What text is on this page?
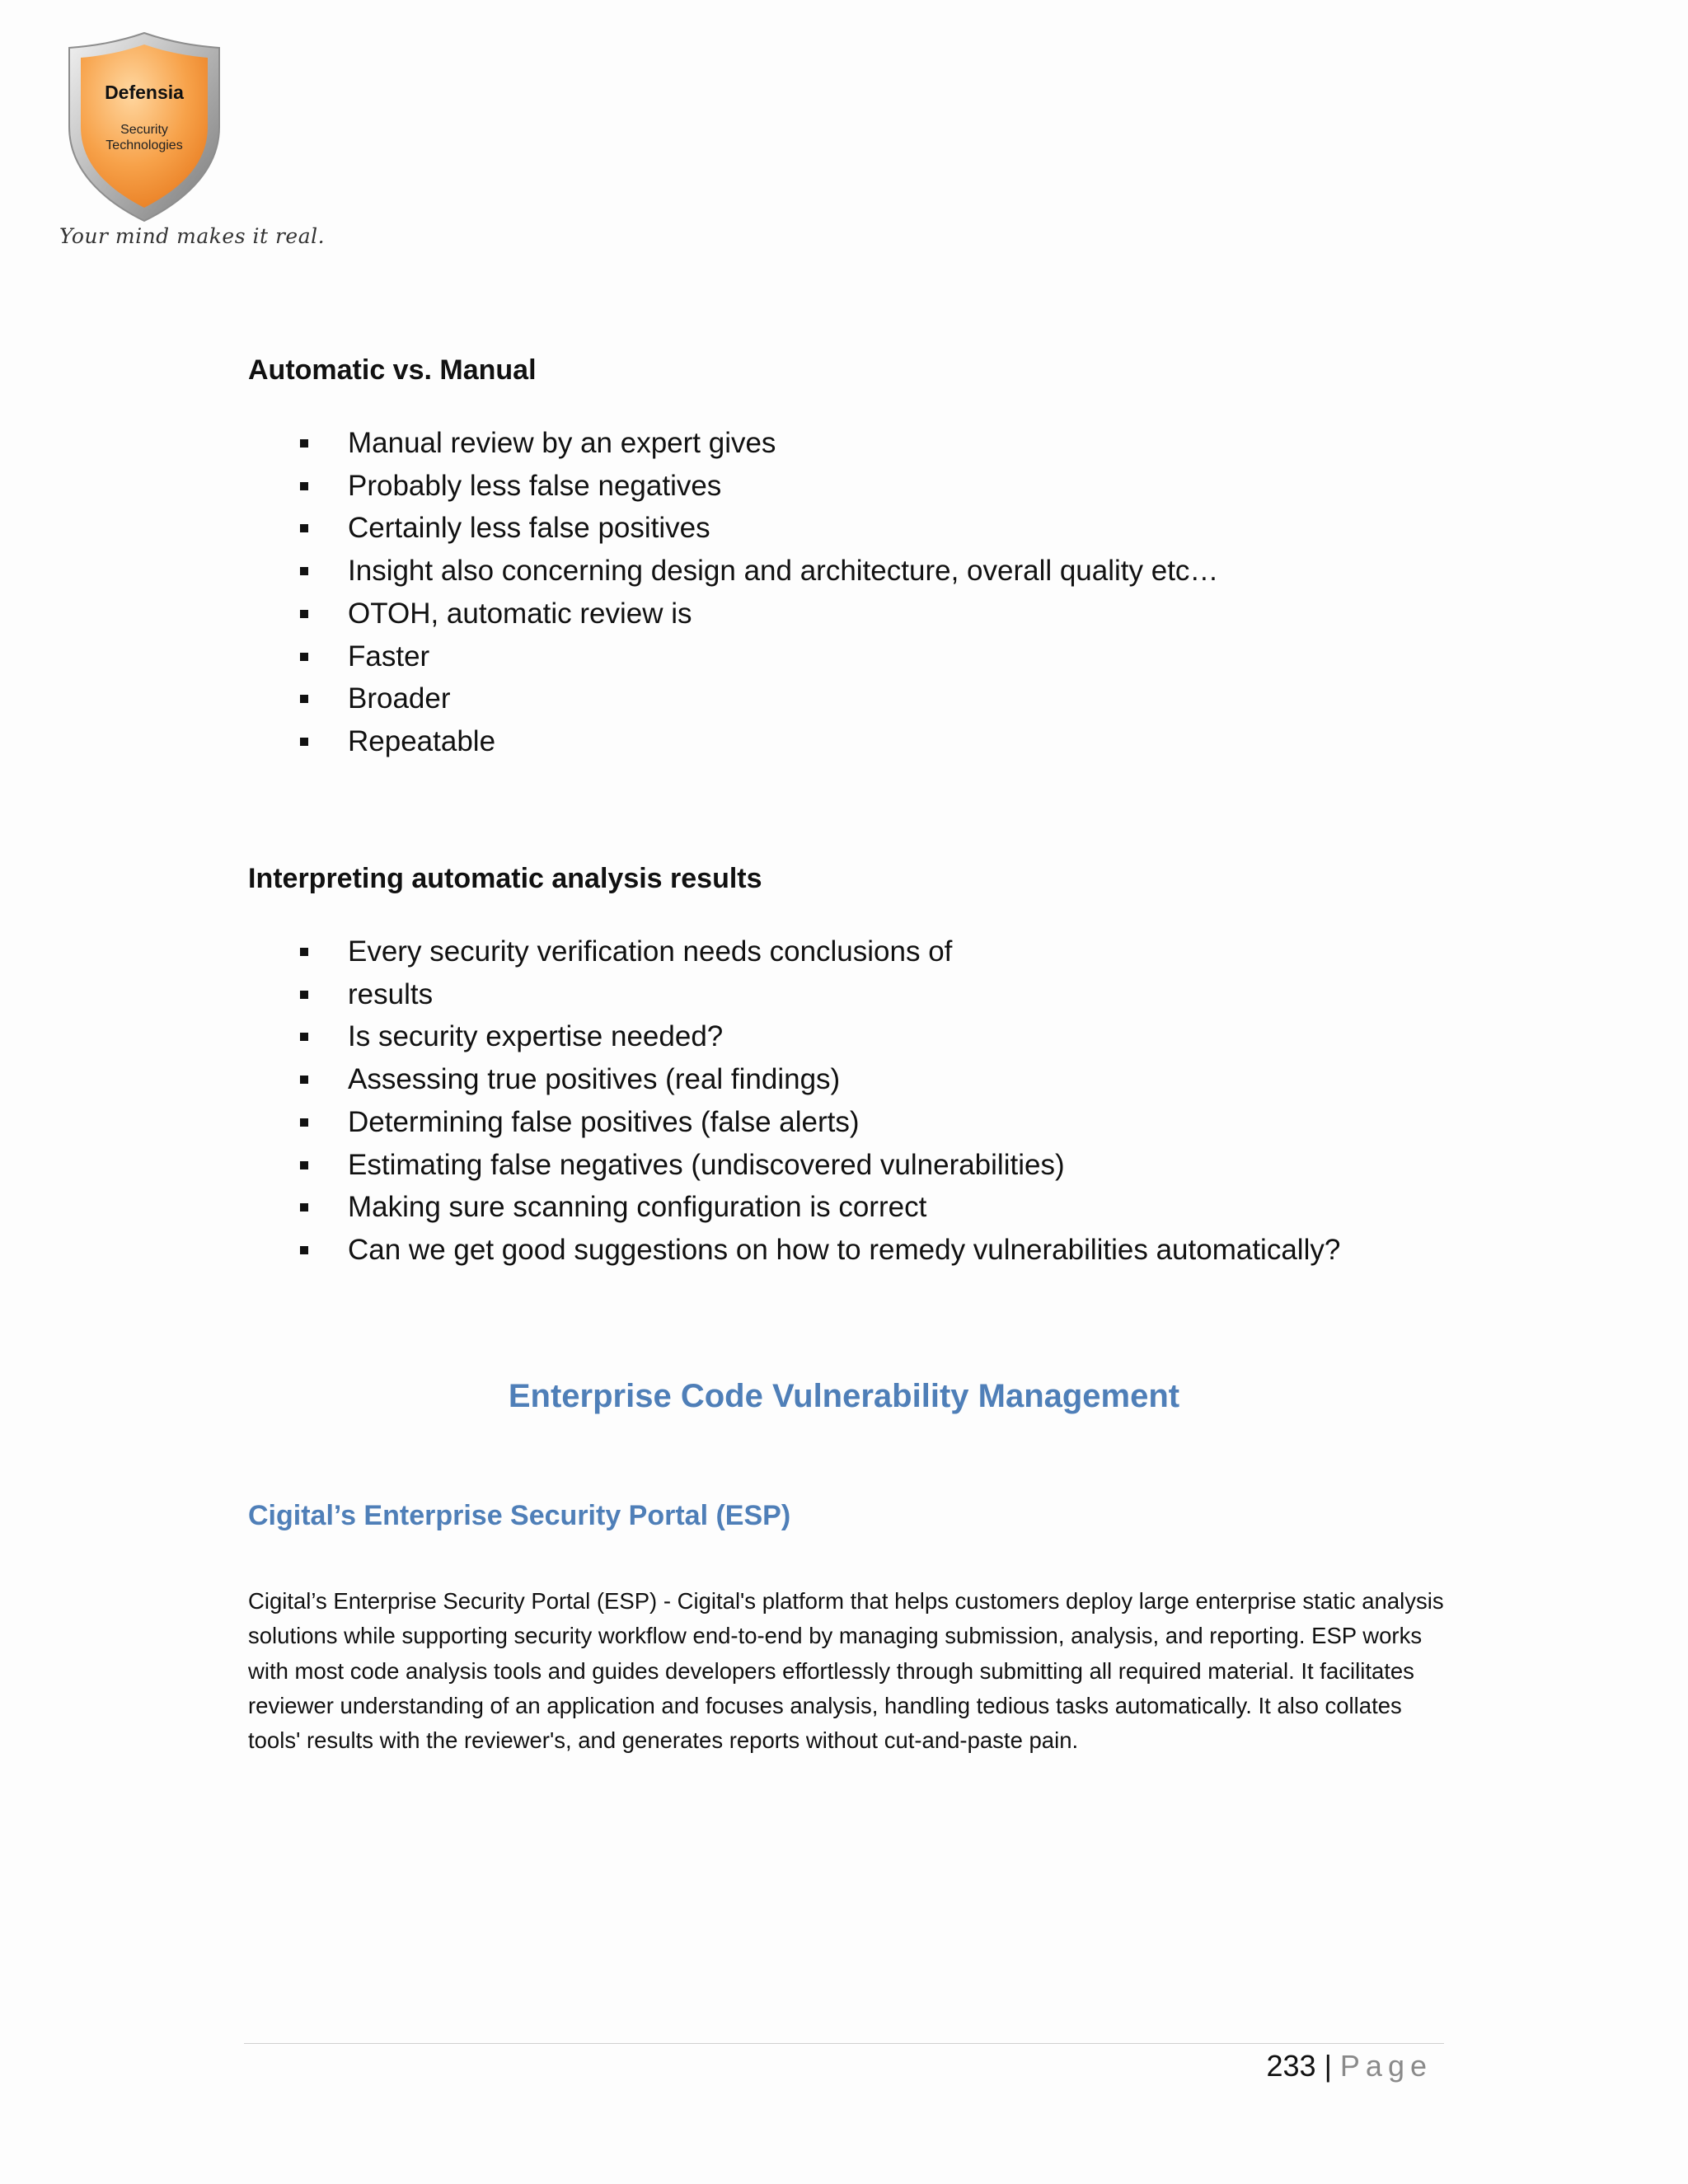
Defensia
Security
Technologies
Your mind makes it real.
Automatic vs. Manual
Manual review by an expert gives
Probably less false negatives
Certainly less false positives
Insight also concerning design and architecture, overall quality etc…
OTOH, automatic review is
Faster
Broader
Repeatable
Interpreting automatic analysis results
Every security verification needs conclusions of
results
Is security expertise needed?
Assessing true positives (real findings)
Determining false positives (false alerts)
Estimating false negatives (undiscovered vulnerabilities)
Making sure scanning configuration is correct
Can we get good suggestions on how to remedy vulnerabilities automatically?
Enterprise Code Vulnerability Management
Cigital’s Enterprise Security Portal (ESP)

Cigital’s Enterprise Security Portal (ESP) - Cigital's platform that helps customers deploy large enterprise static analysis solutions while supporting security workflow end-to-end by managing submission, analysis, and reporting. ESP works with most code analysis tools and guides developers effortlessly through submitting all required material. It facilitates reviewer understanding of an application and focuses analysis, handling tedious tasks automatically. It also collates tools' results with the reviewer's, and generates reports without cut-and-paste pain.

233 | Page
